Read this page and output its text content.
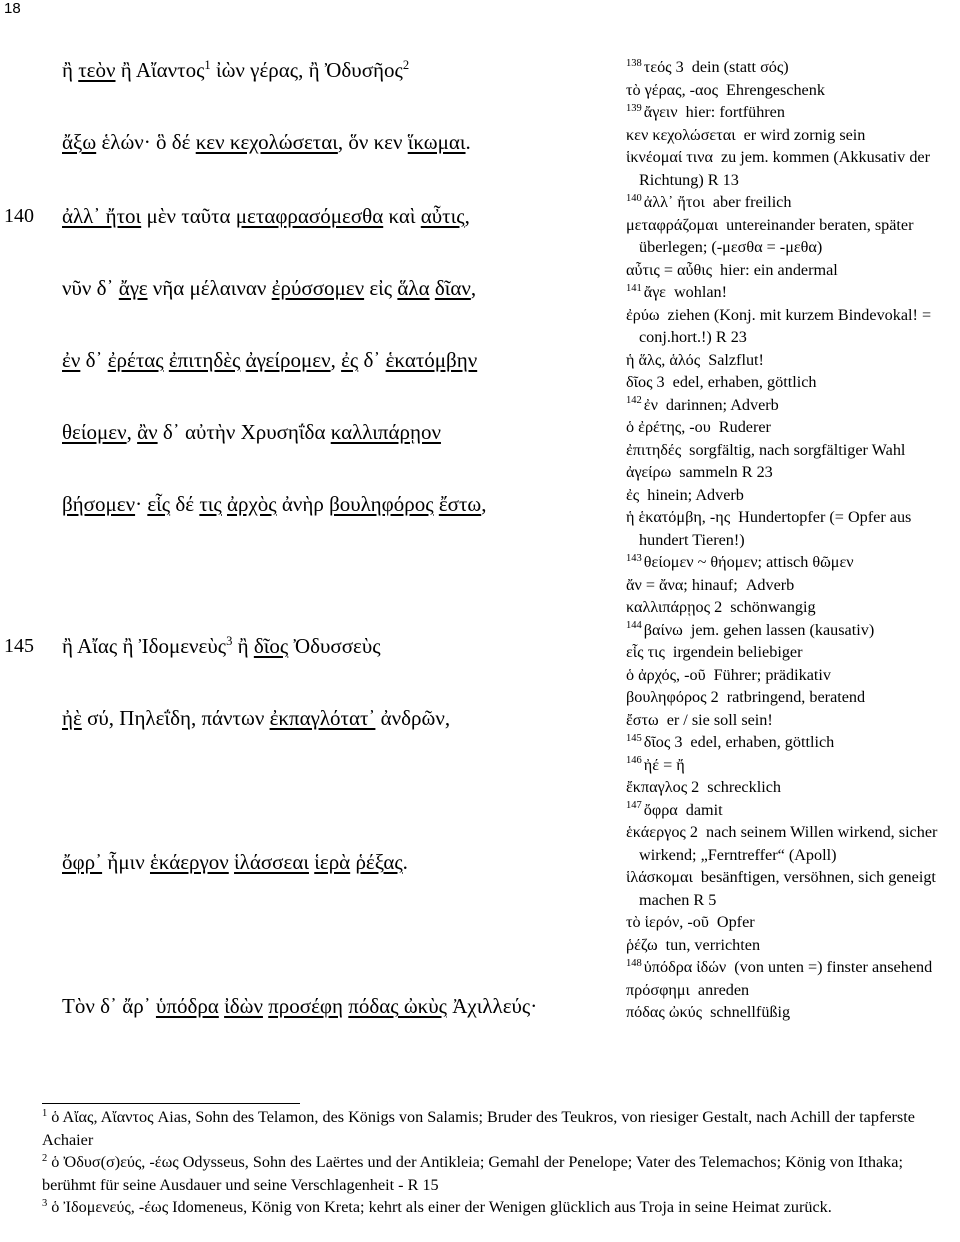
18
140
145
ἢ τεὸν ἢ Αἴαντος$^1$ ἰὼν γέρας, ἢ Ὀδυσῆος$^2$
ἄξω ἑλών· ὃ δέ κεν κεχολώσεται, ὅν κεν ἵκωμαι.
ἀλλ᾽ ἤτοι μὲν ταῦτα μεταφρασόμεσθα καὶ αὖτις,
νῦν δ᾽ ἄγε νῆα μέλαιναν ἐρύσσομεν εἰς ἅλα δῖαν,
ἐν δ᾽ ἐρέτας ἐπιτηδὲς ἀγείρομεν, ἐς δ᾽ ἑκατόμβην
θείομεν, ἂν δ᾽ αὐτὴν Χρυσηΐδα καλλιπάρῃον
βήσομεν· εἷς δέ τις ἀρχὸς ἀνὴρ βουληφόρος ἔστω,
ἢ Αἴας ἢ Ἰδομενεὺς$^3$ ἢ δῖος Ὀδυσσεὺς
ἠὲ σύ, Πηλεΐδη, πάντων ἐκπαγλότατ᾽ ἀνδρῶν,
ὄφρ᾽ ἧμιν ἑκάεργον ἱλάσσεαι ἱερὰ ῥέξας.
Τὸν δ᾽ ἄρ᾽ ὑπόδρα ἰδὼν προσέφη πόδας ὠκὺς Ἀχιλλεύς·

$^{138}$ τεός 3 dein (statt σός)

τὸ γέρας, -αος Ehrengeschenk

$^{139}$ ἄγειν hier: fortführen

κεν κεχολώσεται er wird zornig sein

ἱκνέομαί τινα zu jem. kommen (Akkusativ der Richtung) R 13

$^{140}$ ἀλλ᾽ ἤτοι aber freilich

μεταφράζομαι untereinander beraten, später überlegen; (-μεσθα = -μεθα)

αὖτις = αὖθις hier: ein andermal

$^{141}$ ἄγε wohlan!

ἐρύω ziehen (Konj. mit kurzem Bindevokal! = conj.hort.!) R 23

ἡ ἅλς, ἁλός Salzflut!

δῖος 3 edel, erhaben, göttlich

$^{142}$ ἐν darinnen; Adverb

ὁ ἐρέτης, -ου Ruderer

ἐπιτηδές sorgfältig, nach sorgfältiger Wahl

ἀγείρω sammeln R 23

ἐς hinein; Adverb

ἡ ἑκατόμβη, -ης Hundertopfer (= Opfer aus hundert Tieren!)

$^{143}$ θείομεν ~ θήομεν; attisch θῶμεν

ἄν = ἄνα; hinauf; Adverb

καλλιπάρῃος 2 schönwangig

$^{144}$ βαίνω jem. gehen lassen (kausativ)

εἷς τις irgendein beliebiger

ὁ ἀρχός, -οῦ Führer; prädikativ

βουληφόρος 2 ratbringend, beratend

ἔστω er / sie soll sein!

$^{145}$ δῖος 3 edel, erhaben, göttlich

$^{146}$ ἠέ = ἤ

ἔκπαγλος 2 schrecklich

$^{147}$ ὄφρα damit

ἑκάεργος 2 nach seinem Willen wirkend, sicher wirkend; „Ferntreffer“ (Apoll)

ἱλάσκομαι besänftigen, versöhnen, sich geneigt machen R 5

τὸ ἱερόν, -οῦ Opfer

ῥέζω tun, verrichten

$^{148}$ ὑπόδρα ἰδών (von unten =) finster ansehend

πρόσφημι anreden

πόδας ὠκύς schnellfüßig

$^1$ ὁ Αἴας, Αἴαντος Aias, Sohn des Telamon, des Königs von Salamis; Bruder des Teukros, von riesiger Gestalt, nach Achill der tapferste Achaier

$^2$ ὁ Ὀδυσ(σ)εύς, -έως Odysseus, Sohn des Laërtes und der Antikleia; Gemahl der Penelope; Vater des Telemachos; König von Ithaka; berühmt für seine Ausdauer und seine Verschlagenheit - R 15

$^3$ ὁ Ἰδομενεύς, -έως Idomeneus, König von Kreta; kehrt als einer der Wenigen glücklich aus Troja in seine Heimat zurück.
